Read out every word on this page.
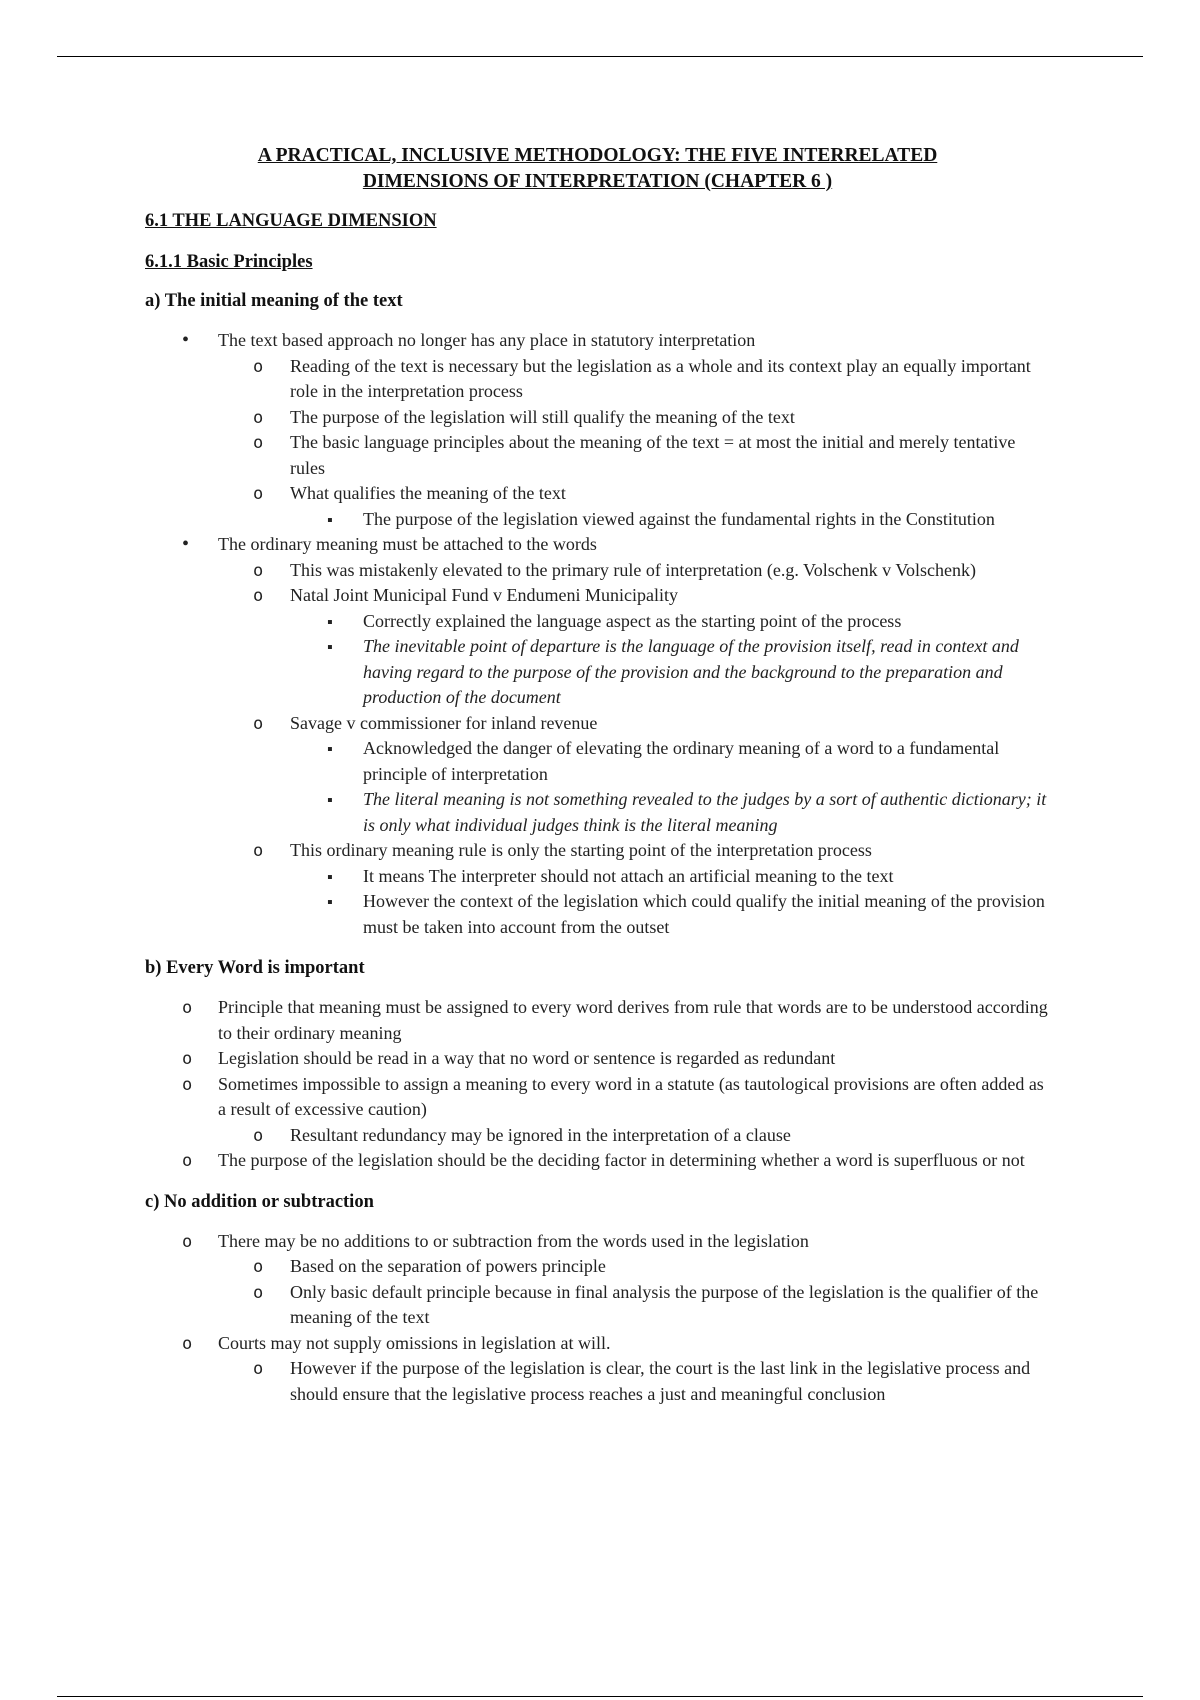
A PRACTICAL, INCLUSIVE METHODOLOGY: THE FIVE INTERRELATED
DIMENSIONS OF INTERPRETATION (CHAPTER 6 )
6.1 THE LANGUAGE DIMENSION
6.1.1 Basic Principles
a) The initial meaning of the text
•
The text based approach no longer has any place in statutory interpretation
o
Reading of the text is necessary but the legislation as a whole and its context play an equally important role in the interpretation process
o
The purpose of the legislation will still qualify the meaning of the text
o
The basic language principles about the meaning of the text = at most the initial and merely tentative rules
o
What qualifies the meaning of the text
▪
The purpose of the legislation viewed against the fundamental rights in the Constitution
•
The ordinary meaning must be attached to the words
o
This was mistakenly elevated to the primary rule of interpretation (e.g. Volschenk v Volschenk)
o
Natal Joint Municipal Fund v Endumeni Municipality
▪
Correctly explained the language aspect as the starting point of the process
▪
The inevitable point of departure is the language of the provision itself, read in context and having regard to the purpose of the provision and the background to the preparation and production of the document
o
Savage v commissioner for inland revenue
▪
Acknowledged the danger of elevating the ordinary meaning of a word to a fundamental principle of interpretation
▪
The literal meaning is not something revealed to the judges by a sort of authentic dictionary; it is only what individual judges think is the literal meaning
o
This ordinary meaning rule is only the starting point of the interpretation process
▪
It means The interpreter should not attach an artificial meaning to the text
▪
However the context of the legislation which could qualify the initial meaning of the provision must be taken into account from the outset
b) Every Word is important
o
Principle that meaning must be assigned to every word derives from rule that words are to be understood according to their ordinary meaning
o
Legislation should be read in a way that no word or sentence is regarded as redundant
o
Sometimes impossible to assign a meaning to every word in a statute (as tautological provisions are often added as a result of excessive caution)
o
Resultant redundancy may be ignored in the interpretation of a clause
o
The purpose of the legislation should be the deciding factor in determining whether a word is superfluous or not
c) No addition or subtraction
o
There may be no additions to or subtraction from the words used in the legislation
o
Based on the separation of powers principle
o
Only basic default principle because in final analysis the purpose of the legislation is the qualifier of the meaning of the text
o
Courts may not supply omissions in legislation at will.
o
However if the purpose of the legislation is clear, the court is the last link in the legislative process and should ensure that the legislative process reaches a just and meaningful conclusion
